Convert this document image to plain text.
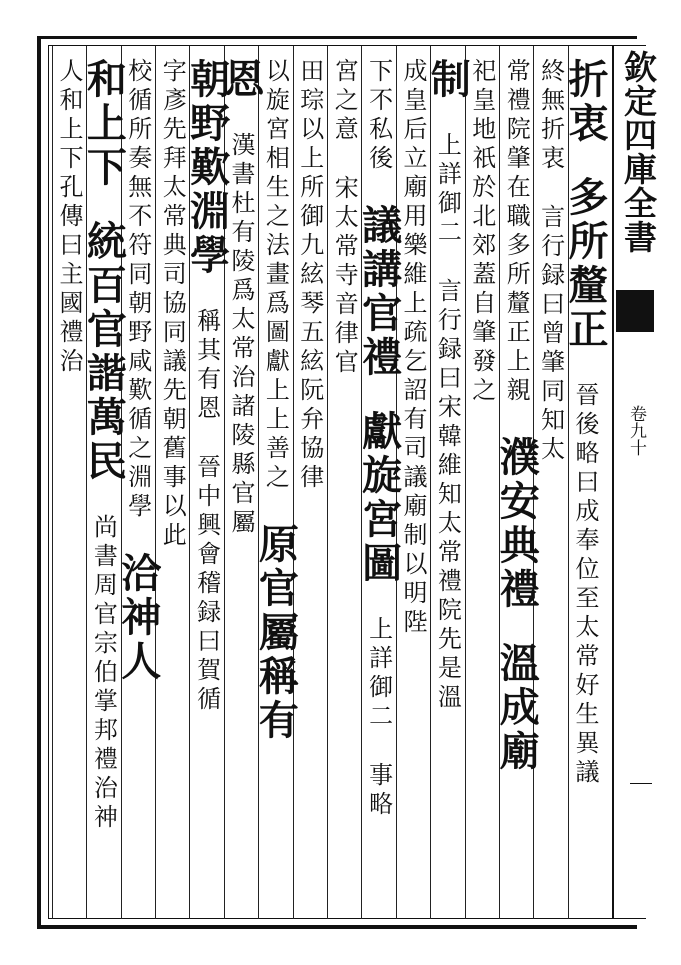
欽定四庫全書
卷九十
折衷　多所釐正　晉後略曰成奉位至太常好生異議
終無折衷　言行録曰曾肇同知太
常禮院肇在職多所釐正上親　濮安典禮　溫成廟
祀皇地祇於北郊蓋自肇發之
制　上詳御二　言行録曰宋韓維知太常禮院先是溫
成皇后立廟用樂維上疏乞詔有司議廟制以明陛
下不私後　議講官禮　獻旋宮圖　上詳御二　事略
宮之意　宋太常寺音律官
田琮以上所御九絃琴五絃阮弁協律
以旋宮相生之法畫爲圖獻上上善之　原官屬稱有
恩　漢書杜有陵爲太常治諸陵縣官屬
朝野歎淵學　稱其有恩　晉中興會稽録曰賀循
字彥先拜太常典司協同議先朝舊事以此
校循所奏無不符同朝野咸歎循之淵學　洽神人
和上下　統百官諧萬民　尚書周官宗伯掌邦禮治神
人和上下孔傳曰主國禮治
